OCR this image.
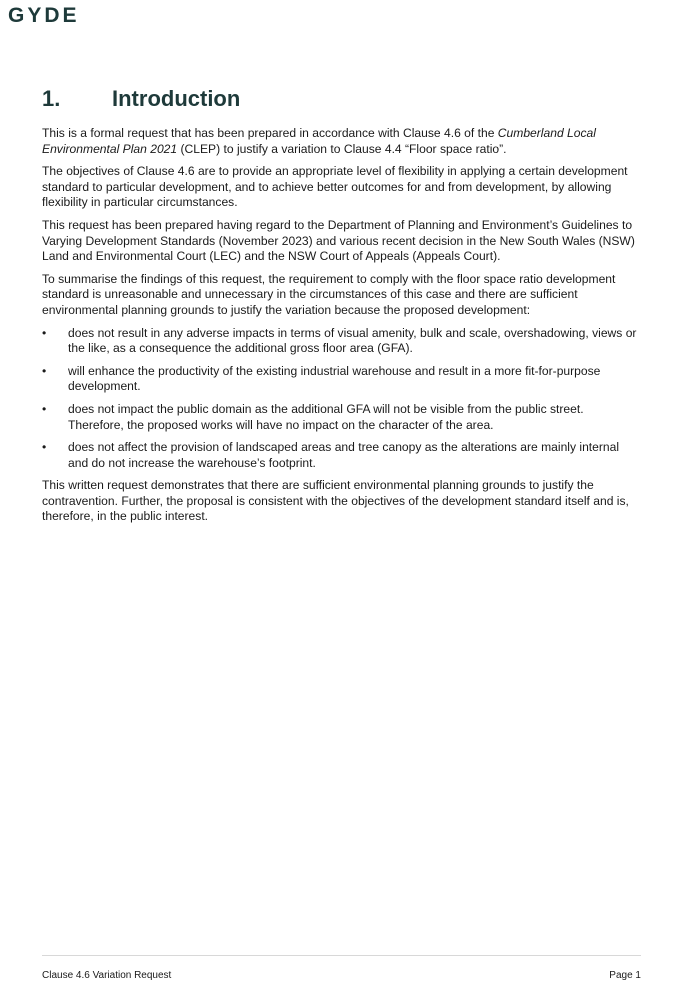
GYDE
1.	Introduction

This is a formal request that has been prepared in accordance with Clause 4.6 of the Cumberland Local Environmental Plan 2021 (CLEP) to justify a variation to Clause 4.4 “Floor space ratio”.

The objectives of Clause 4.6 are to provide an appropriate level of flexibility in applying a certain development standard to particular development, and to achieve better outcomes for and from development, by allowing flexibility in particular circumstances.

This request has been prepared having regard to the Department of Planning and Environment’s Guidelines to Varying Development Standards (November 2023) and various recent decision in the New South Wales (NSW) Land and Environmental Court (LEC) and the NSW Court of Appeals (Appeals Court).

To summarise the findings of this request, the requirement to comply with the floor space ratio development standard is unreasonable and unnecessary in the circumstances of this case and there are sufficient environmental planning grounds to justify the variation because the proposed development:

• does not result in any adverse impacts in terms of visual amenity, bulk and scale, overshadowing, views or the like, as a consequence the additional gross floor area (GFA).
• will enhance the productivity of the existing industrial warehouse and result in a more fit-for-purpose development.
• does not impact the public domain as the additional GFA will not be visible from the public street. Therefore, the proposed works will have no impact on the character of the area.
• does not affect the provision of landscaped areas and tree canopy as the alterations are mainly internal and do not increase the warehouse’s footprint.

This written request demonstrates that there are sufficient environmental planning grounds to justify the contravention. Further, the proposal is consistent with the objectives of the development standard itself and is, therefore, in the public interest.

Clause 4.6 Variation Request	Page 1
